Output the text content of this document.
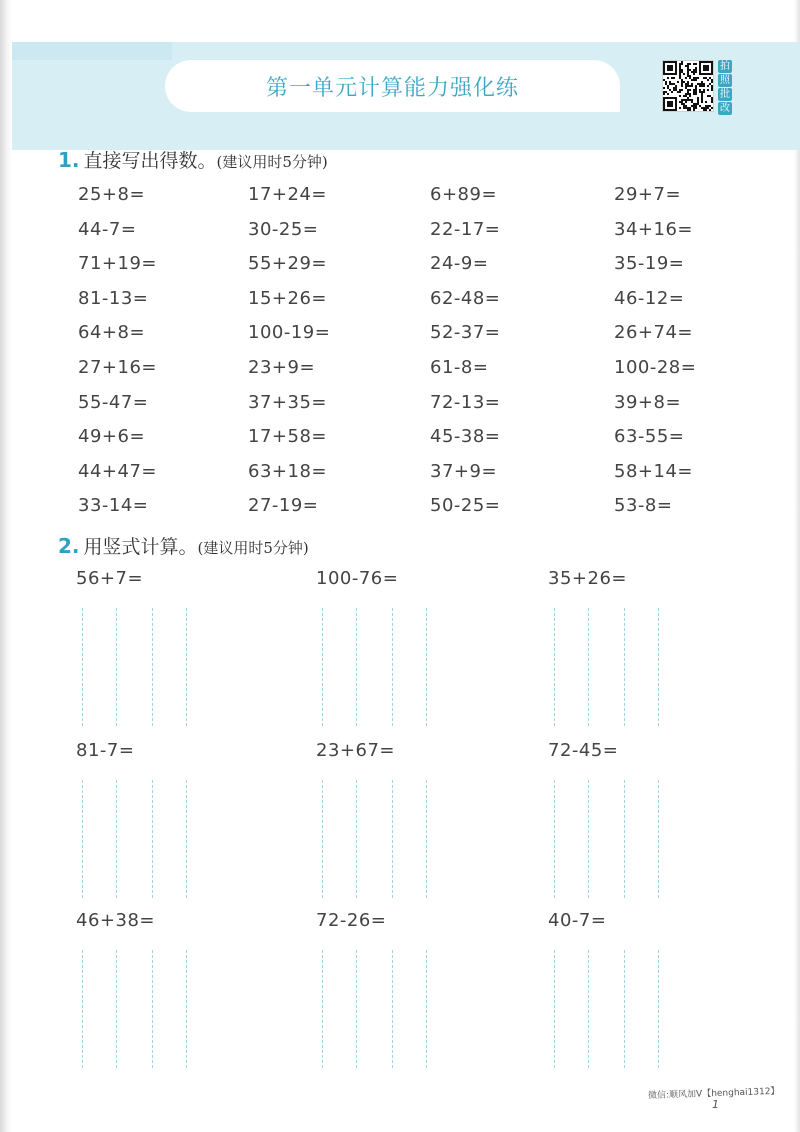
第一单元计算能力强化练
拍
照
批
改
1. 直接写出得数。(建议用时5分钟)
25+8=	17+24=	6+89=	29+7=
44-7=	30-25=	22-17=	34+16=
71+19=	55+29=	24-9=	35-19=
81-13=	15+26=	62-48=	46-12=
64+8=	100-19=	52-37=	26+74=
27+16=	23+9=	61-8=	100-28=
55-47=	37+35=	72-13=	39+8=
49+6=	17+58=	45-38=	63-55=
44+47=	63+18=	37+9=	58+14=
33-14=	27-19=	50-25=	53-8=
2. 用竖式计算。(建议用时5分钟)
56+7=	100-76=	35+26=
81-7=	23+67=	72-45=
46+38=	72-26=	40-7=
微信:顺风加V【henghai1312】
1
